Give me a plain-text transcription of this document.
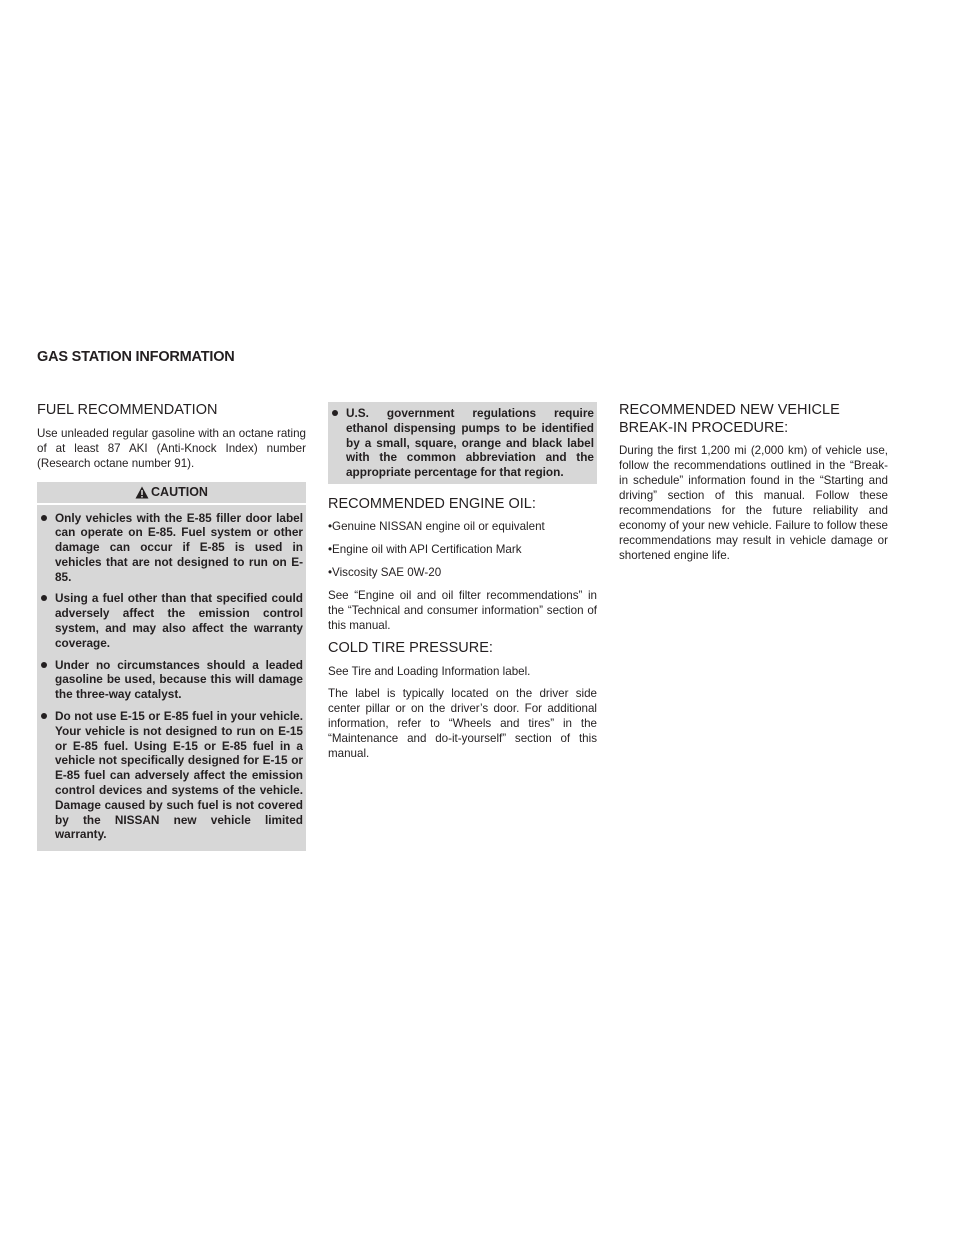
GAS STATION INFORMATION
FUEL RECOMMENDATION

Use unleaded regular gasoline with an octane rating of at least 87 AKI (Anti-Knock Index) number (Research octane number 91).

CAUTION
Only vehicles with the E-85 filler door label can operate on E-85. Fuel system or other damage can occur if E-85 is used in vehicles that are not designed to run on E-85.
Using a fuel other than that specified could adversely affect the emission control system, and may also affect the warranty coverage.
Under no circumstances should a leaded gasoline be used, because this will damage the three-way catalyst.
Do not use E-15 or E-85 fuel in your vehicle. Your vehicle is not designed to run on E-15 or E-85 fuel. Using E-15 or E-85 fuel in a vehicle not specifically designed for E-15 or E-85 fuel can adversely affect the emission control devices and systems of the vehicle. Damage caused by such fuel is not covered by the NISSAN new vehicle limited warranty.
U.S. government regulations require ethanol dispensing pumps to be identified by a small, square, orange and black label with the common abbreviation and the appropriate percentage for that region.
RECOMMENDED ENGINE OIL:

•Genuine NISSAN engine oil or equivalent

•Engine oil with API Certification Mark

•Viscosity SAE 0W-20

See “Engine oil and oil filter recommendations” in the “Technical and consumer information” section of this manual.

COLD TIRE PRESSURE:

See Tire and Loading Information label.

The label is typically located on the driver side center pillar or on the driver’s door. For additional information, refer to “Wheels and tires” in the “Maintenance and do-it-yourself” section of this manual.

RECOMMENDED NEW VEHICLE
BREAK-IN PROCEDURE:

During the first 1,200 mi (2,000 km) of vehicle use, follow the recommendations outlined in the “Break-in schedule” information found in the “Starting and driving” section of this manual. Follow these recommendations for the future reliability and economy of your new vehicle. Failure to follow these recommendations may result in vehicle damage or shortened engine life.
